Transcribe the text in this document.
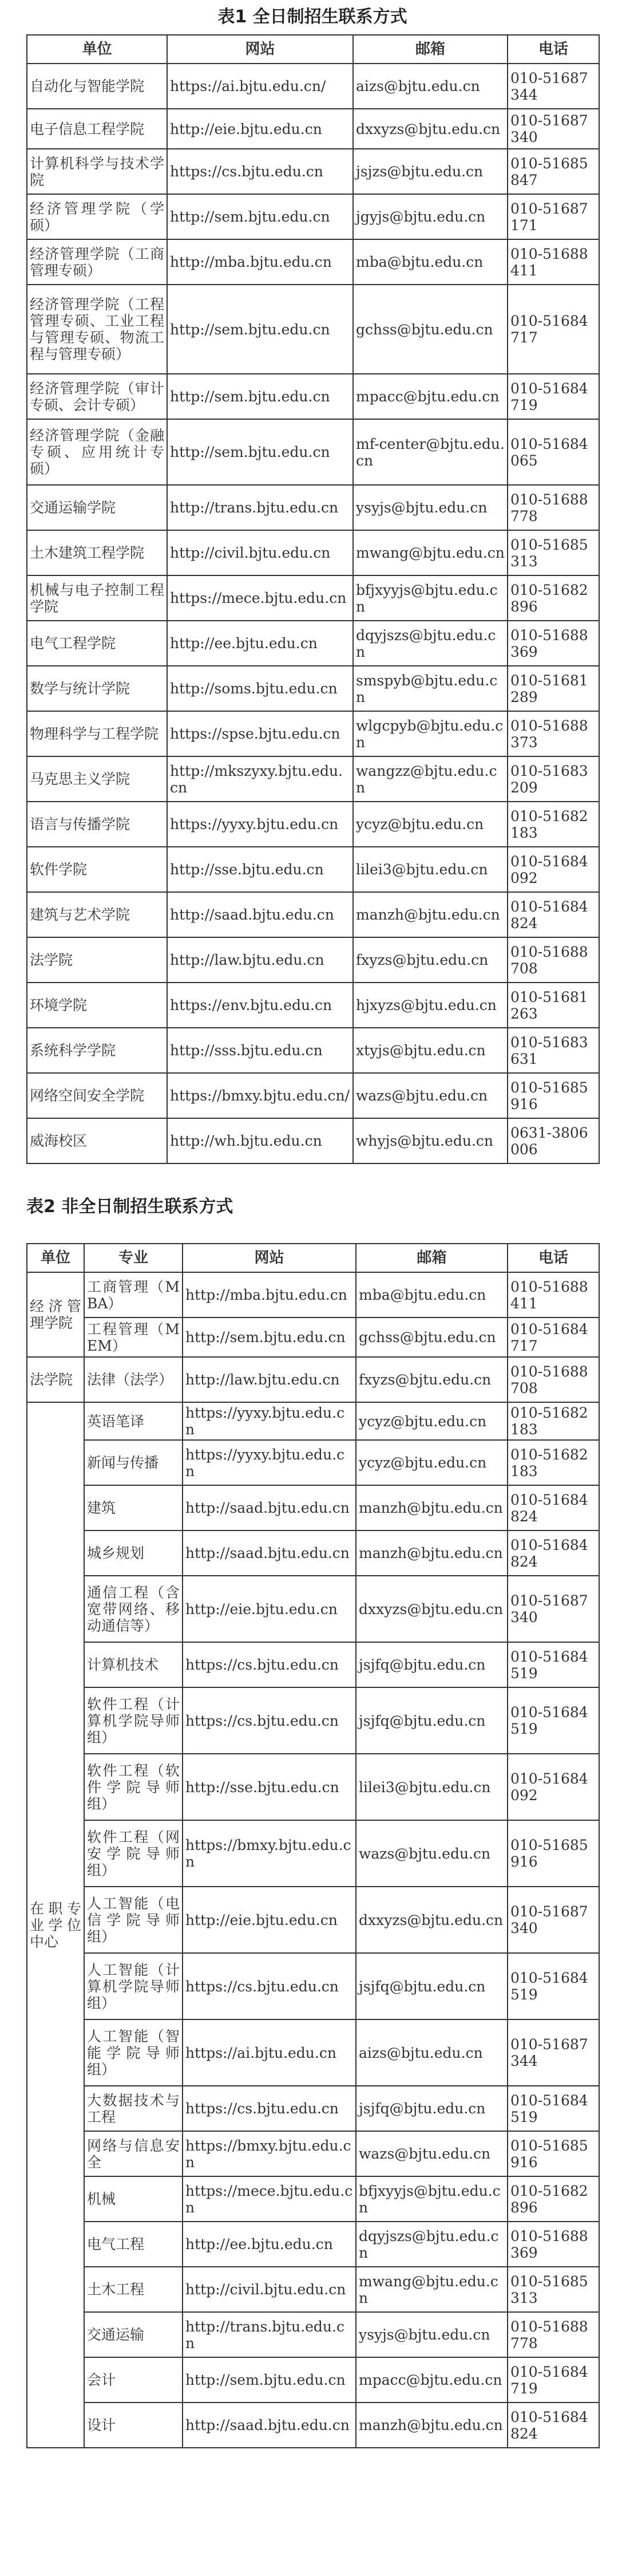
表1 全日制招生联系方式
单位	网站	邮箱	电话
自动化与智能学院	https://ai.bjtu.edu.cn/	aizs@bjtu.edu.cn	010-51687344
电子信息工程学院	http://eie.bjtu.edu.cn	dxxyzs@bjtu.edu.cn	010-51687340
计算机科学与技术学院	https://cs.bjtu.edu.cn	jsjzs@bjtu.edu.cn	010-51685847
经济管理学院（学硕）	http://sem.bjtu.edu.cn	jgyjs@bjtu.edu.cn	010-51687171
经济管理学院（工商管理专硕）	http://mba.bjtu.edu.cn	mba@bjtu.edu.cn	010-51688411
经济管理学院（工程管理专硕、工业工程与管理专硕、物流工程与管理专硕）	http://sem.bjtu.edu.cn	gchss@bjtu.edu.cn	010-51684717
经济管理学院（审计专硕、会计专硕）	http://sem.bjtu.edu.cn	mpacc@bjtu.edu.cn	010-51684719
经济管理学院（金融专硕、应用统计专硕）	http://sem.bjtu.edu.cn	mf-center@bjtu.edu.cn	010-51684065
交通运输学院	http://trans.bjtu.edu.cn	ysyjs@bjtu.edu.cn	010-51688778
土木建筑工程学院	http://civil.bjtu.edu.cn	mwang@bjtu.edu.cn	010-51685313
机械与电子控制工程学院	https://mece.bjtu.edu.cn	bfjxyyjs@bjtu.edu.cn	010-51682896
电气工程学院	http://ee.bjtu.edu.cn	dqyjszs@bjtu.edu.cn	010-51688369
数学与统计学院	http://soms.bjtu.edu.cn	smspyb@bjtu.edu.cn	010-51681289
物理科学与工程学院	https://spse.bjtu.edu.cn	wlgcpyb@bjtu.edu.cn	010-51688373
马克思主义学院	http://mkszyxy.bjtu.edu.cn	wangzz@bjtu.edu.cn	010-51683209
语言与传播学院	https://yyxy.bjtu.edu.cn	ycyz@bjtu.edu.cn	010-51682183
软件学院	http://sse.bjtu.edu.cn	lilei3@bjtu.edu.cn	010-51684092
建筑与艺术学院	http://saad.bjtu.edu.cn	manzh@bjtu.edu.cn	010-51684824
法学院	http://law.bjtu.edu.cn	fxyzs@bjtu.edu.cn	010-51688708
环境学院	https://env.bjtu.edu.cn	hjxyzs@bjtu.edu.cn	010-51681263
系统科学学院	http://sss.bjtu.edu.cn	xtyjs@bjtu.edu.cn	010-51683631
网络空间安全学院	https://bmxy.bjtu.edu.cn/	wazs@bjtu.edu.cn	010-51685916
威海校区	http://wh.bjtu.edu.cn	whyjs@bjtu.edu.cn	0631-3806006
表2 非全日制招生联系方式
单位	专业	网站	邮箱	电话
经济管理学院	工商管理（MBA）	http://mba.bjtu.edu.cn	mba@bjtu.edu.cn	010-51688411
	工程管理（MEM）	http://sem.bjtu.edu.cn	gchss@bjtu.edu.cn	010-51684717
法学院	法律（法学）	http://law.bjtu.edu.cn	fxyzs@bjtu.edu.cn	010-51688708
在职专业学位中心	英语笔译	https://yyxy.bjtu.edu.cn	ycyz@bjtu.edu.cn	010-51682183
	新闻与传播	https://yyxy.bjtu.edu.cn	ycyz@bjtu.edu.cn	010-51682183
	建筑	http://saad.bjtu.edu.cn	manzh@bjtu.edu.cn	010-51684824
	城乡规划	http://saad.bjtu.edu.cn	manzh@bjtu.edu.cn	010-51684824
	通信工程（含宽带网络、移动通信等）	http://eie.bjtu.edu.cn	dxxyzs@bjtu.edu.cn	010-51687340
	计算机技术	https://cs.bjtu.edu.cn	jsjfq@bjtu.edu.cn	010-51684519
	软件工程（计算机学院导师组）	https://cs.bjtu.edu.cn	jsjfq@bjtu.edu.cn	010-51684519
	软件工程（软件学院导师组）	http://sse.bjtu.edu.cn	lilei3@bjtu.edu.cn	010-51684092
	软件工程（网安学院导师组）	https://bmxy.bjtu.edu.cn	wazs@bjtu.edu.cn	010-51685916
	人工智能（电信学院导师组）	http://eie.bjtu.edu.cn	dxxyzs@bjtu.edu.cn	010-51687340
	人工智能（计算机学院导师组）	https://cs.bjtu.edu.cn	jsjfq@bjtu.edu.cn	010-51684519
	人工智能（智能学院导师组）	https://ai.bjtu.edu.cn	aizs@bjtu.edu.cn	010-51687344
	大数据技术与工程	https://cs.bjtu.edu.cn	jsjfq@bjtu.edu.cn	010-51684519
	网络与信息安全	https://bmxy.bjtu.edu.cn	wazs@bjtu.edu.cn	010-51685916
	机械	https://mece.bjtu.edu.cn	bfjxyyjs@bjtu.edu.cn	010-51682896
	电气工程	http://ee.bjtu.edu.cn	dqyjszs@bjtu.edu.cn	010-51688369
	土木工程	http://civil.bjtu.edu.cn	mwang@bjtu.edu.cn	010-51685313
	交通运输	http://trans.bjtu.edu.cn	ysyjs@bjtu.edu.cn	010-51688778
	会计	http://sem.bjtu.edu.cn	mpacc@bjtu.edu.cn	010-51684719
	设计	http://saad.bjtu.edu.cn	manzh@bjtu.edu.cn	010-51684824
